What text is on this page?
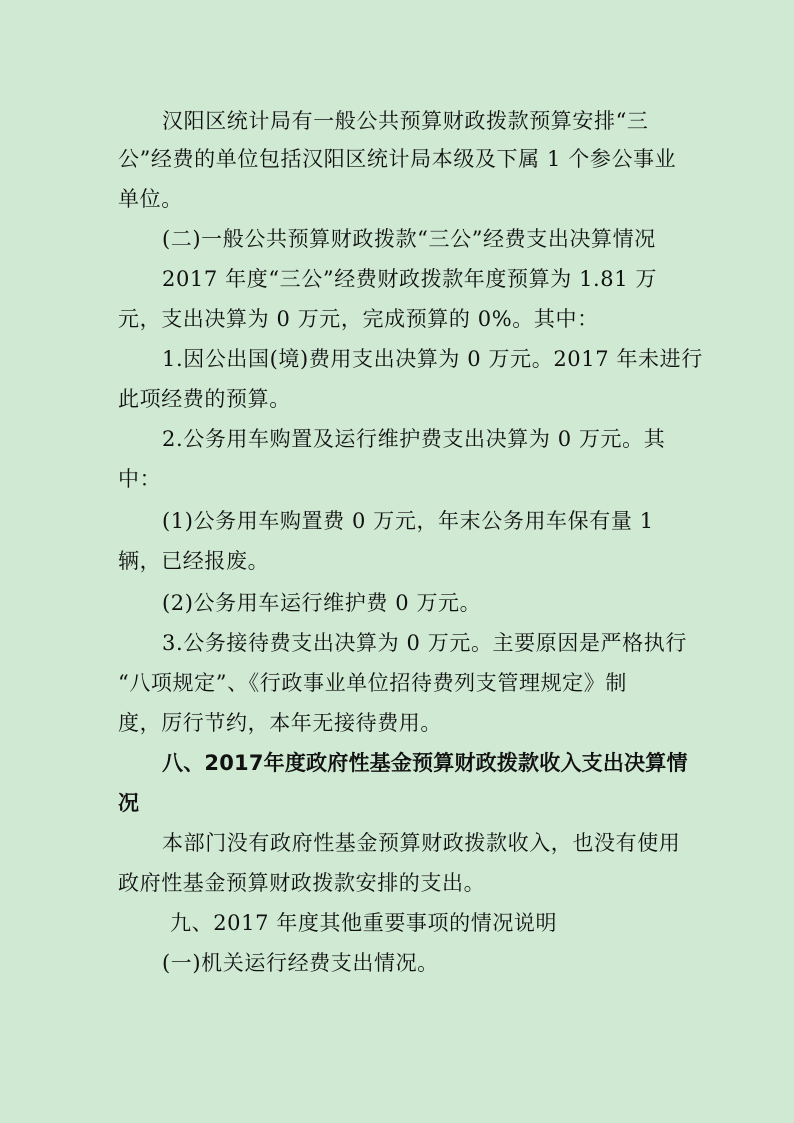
汉阳区统计局有一般公共预算财政拨款预算安排“三
公”经费的单位包括汉阳区统计局本级及下属 1 个参公事业
单位。
(二)一般公共预算财政拨款“三公”经费支出决算情况
2017 年度“三公”经费财政拨款年度预算为 1.81 万
元，支出决算为 0 万元，完成预算的 0%。其中：
1.因公出国(境)费用支出决算为 0 万元。2017 年未进行
此项经费的预算。
2.公务用车购置及运行维护费支出决算为 0 万元。其
中：
(1)公务用车购置费 0 万元，年末公务用车保有量 1
辆，已经报废。
(2)公务用车运行维护费 0 万元。
3.公务接待费支出决算为 0 万元。主要原因是严格执行
“八项规定”、《行政事业单位招待费列支管理规定》制
度，厉行节约，本年无接待费用。
八、2017年度政府性基金预算财政拨款收入支出决算情
况
本部门没有政府性基金预算财政拨款收入，也没有使用
政府性基金预算财政拨款安排的支出。
九、2017 年度其他重要事项的情况说明
(一)机关运行经费支出情况。
